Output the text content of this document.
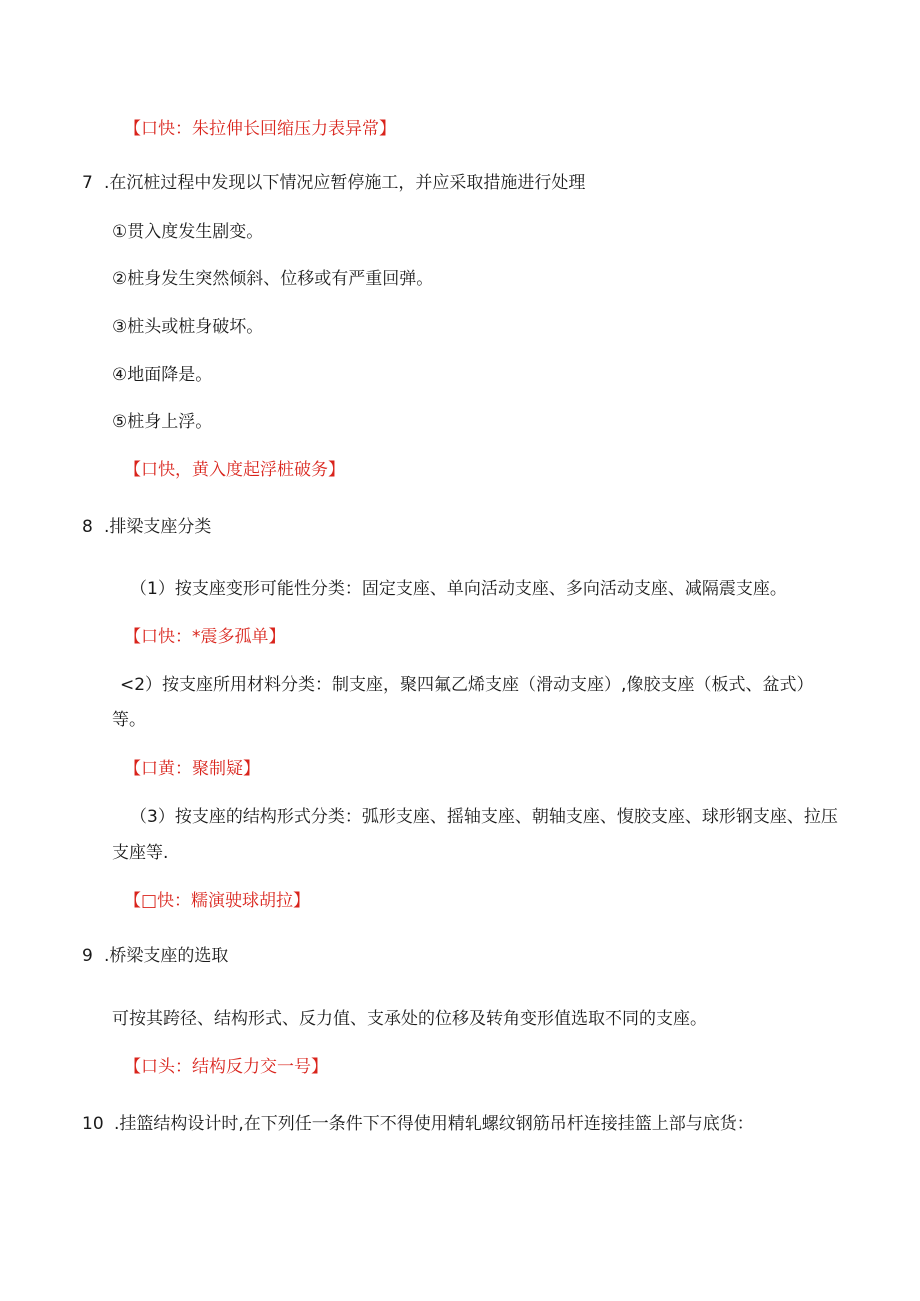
【口快：朱拉伸长回缩压力表异常】
7 .在沉桩过程中发现以下情况应暂停施工，并应采取措施进行处理
①贯入度发生剧变。
②桩身发生突然倾斜、位移或有严重回弹。
③桩头或桩身破坏。
④地面降是。
⑤桩身上浮。
【口快，黄入度起浮桩破务】
8 .排梁支座分类
（1）按支座变形可能性分类：固定支座、单向活动支座、多向活动支座、减隔震支座。
【口快：*震多孤单】
<2）按支座所用材料分类：制支座，聚四氟乙烯支座（滑动支座）,像胶支座（板式、盆式）
等。
【口黄：聚制疑】
（3）按支座的结构形式分类：弧形支座、摇轴支座、朝轴支座、愎胶支座、球形钢支座、拉压
支座等.
【□快：糯演驶球胡拉】
9 .桥梁支座的选取
可按其跨径、结构形式、反力值、支承处的位移及转角变形值选取不同的支座。
【口头：结构反力交一号】
10 .挂篮结构设计时,在下列任一条件下不得使用精轧螺纹钢筋吊杆连接挂篮上部与底货：
